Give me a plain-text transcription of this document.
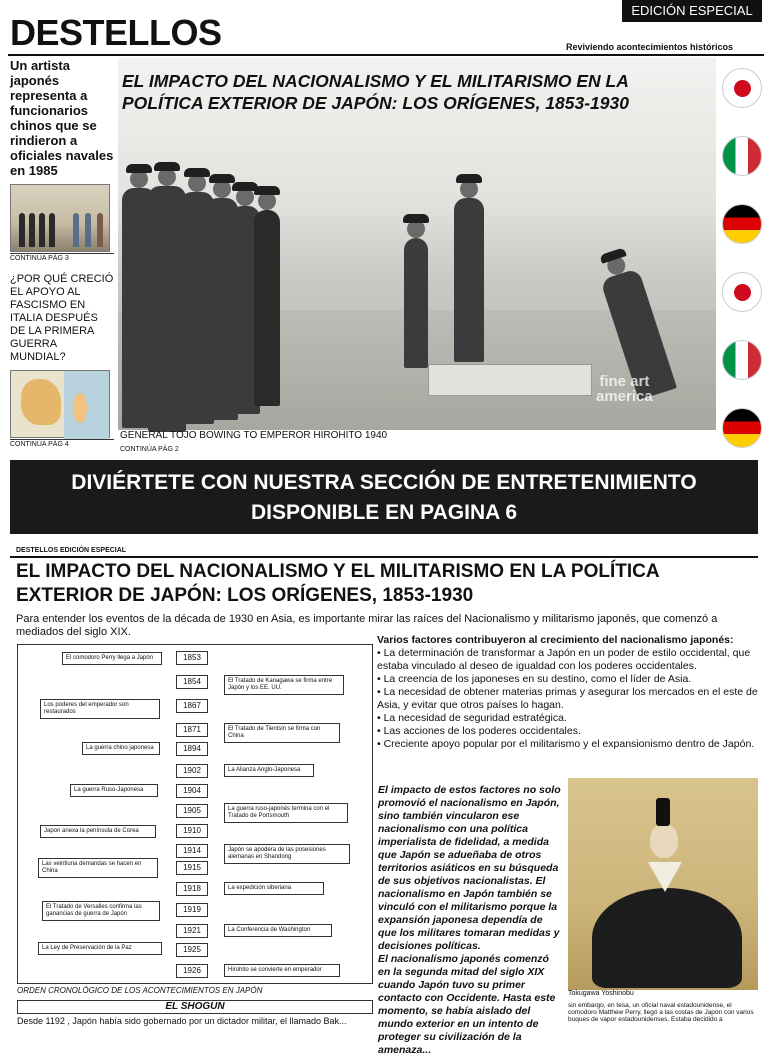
EDICIÓN ESPECIAL
DESTELLOS	Reviviendo acontecimientos históricos
Un artista japonés representa a funcionarios chinos que se rindieron a oficiales navales en 1985
CONTINÚA PÁG 3
¿POR QUÉ CRECIÓ EL APOYO AL FASCISMO EN ITALIA DESPUÉS DE LA PRIMERA GUERRA MUNDIAL?
CONTINÚA PÁG 4
EL IMPACTO DEL NACIONALISMO Y EL MILITARISMO EN LA POLÍTICA EXTERIOR DE JAPÓN: LOS ORÍGENES, 1853-1930
fine art
america
GENERAL TOJO BOWING TO EMPEROR HIROHITO 1940
CONTINÚA PÁG 2
DIVIÉRTETE CON NUESTRA SECCIÓN DE ENTRETENIMIENTO
DISPONIBLE EN PAGINA 6
DESTELLOS EDICIÓN ESPECIAL
EL IMPACTO DEL NACIONALISMO Y EL MILITARISMO EN LA POLÍTICA EXTERIOR DE JAPÓN: LOS ORÍGENES, 1853-1930
Para entender los eventos de la década de 1930 en Asia, es importante mirar las raíces del Nacionalismo y militarismo japonés, que comenzó a mediados del siglo XIX.
1853
1854
1867
1871
1894
1902
1904
1905
1910
1914
1915
1918
1919
1921
1925
1926
El comodoro Perry llega a Japón
Los poderes del emperador son restaurados
La guerra chino japonesa
La guerra Ruso-Japonesa
Japon anexa la península de Corea
Las veintiuna demandas se hacen en China
El Tratado de Versalles confirma las ganancias de guerra de Japón
La Ley de Preservación de la Paz
El Tratado de Kanagawa se firma entre Japón y los EE. UU.
El Tratado de Tientsin se firma con China
La Alianza Anglo-Japonesa
La guerra ruso-japonés termina con el Tratado de Portsmouth
Japón se apodera de las posesiones alemanas en Shandong
La expedición siberiana
La Conferencia de Washington
Hirohito se convierte en emperador
ORDEN CRONOLÓGICO DE LOS ACONTECIMIENTOS EN JAPÓN
EL SHOGUN
Desde 1192 , Japón había sido gobernado por un dictador militar, el llamado Bak...
Varios factores contribuyeron al crecimiento del nacionalismo japonés:
• La determinación de transformar a Japón en un poder de estilo occidental, que estaba vinculado al deseo de igualdad con los poderes occidentales.
• La creencia de los japoneses en su destino, como el líder de Asia.
• La necesidad de obtener materias primas y asegurar los mercados en el este de Asia, y evitar que otros países lo hagan.
• La necesidad de seguridad estratégica.
• Las acciones de los poderes occidentales.
• Creciente apoyo popular por el militarismo y el expansionismo dentro de Japón.
El impacto de estos factores no solo promovió el nacionalismo en Japón, sino también vincularon ese nacionalismo con una política imperialista de fidelidad, a medida que Japón se adueñaba de otros territorios asiáticos en su búsqueda de sus objetivos nacionalistas. El nacionalismo en Japón también se vinculó con el militarismo porque la expansión japonesa dependía de que los militares tomaran medidas y decisiones políticas.
El nacionalismo japonés comenzó en la segunda mitad del siglo XIX cuando Japón tuvo su primer contacto con Occidente. Hasta este momento, se había aislado del mundo exterior en un intento de proteger su civilización de la amenaza...
Tokugawa Yoshinobu
sin embargo, en tesa, un oficial naval estadounidense, el comodoro Matthew Perry, llegó a las costas de Japón con varios buques de vapor estadounidenses. Estaba decidido a
